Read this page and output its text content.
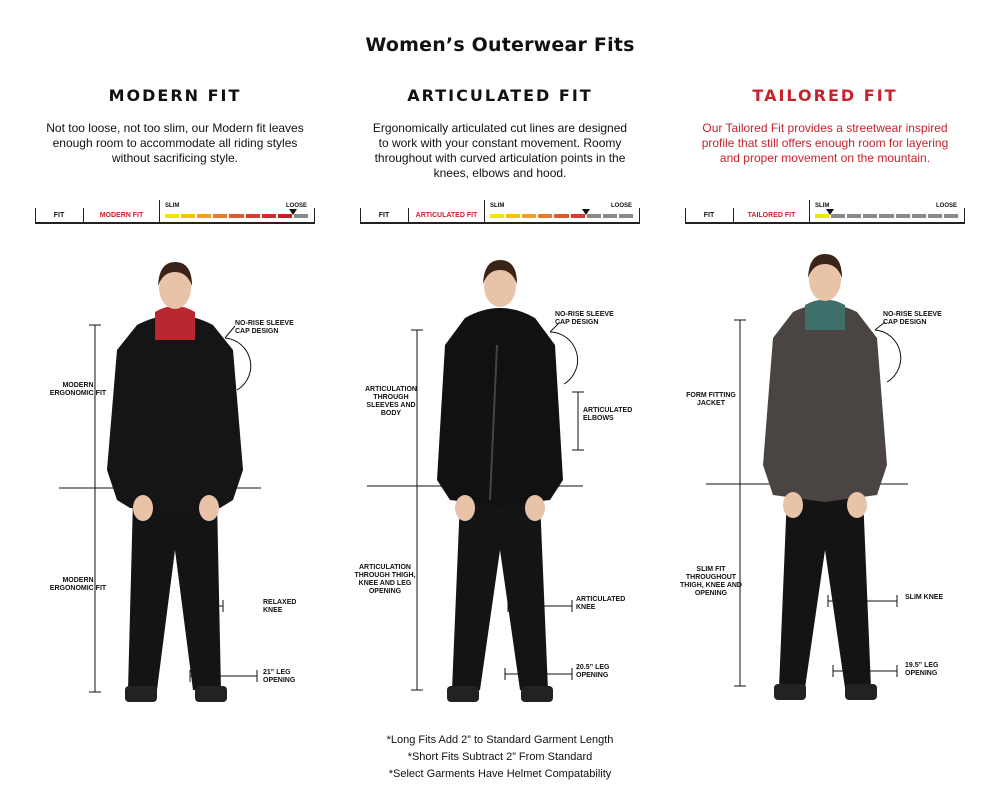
Women’s Outerwear Fits
MODERN FIT
Not too loose, not too slim, our Modern fit leaves enough room to accommodate all riding styles without sacrificing style.
FIT	MODERN FIT
SLIM	LOOSE
NO-RISE SLEEVE CAP DESIGN
MODERN ERGONOMIC FIT
MODERN ERGONOMIC FIT
RELAXED KNEE
21” LEG OPENING
ARTICULATED FIT
Ergonomically articulated cut lines are designed to work with your constant movement. Roomy throughout with curved articulation points in the knees, elbows and hood.
FIT	ARTICULATED FIT
SLIM	LOOSE
NO-RISE SLEEVE CAP DESIGN
ARTICULATION THROUGH SLEEVES AND BODY	ARTICULATED ELBOWS
ARTICULATION THROUGH THIGH, KNEE AND LEG OPENING
ARTICULATED KNEE
20.5” LEG OPENING
TAILORED FIT
Our Tailored Fit provides a streetwear inspired profile that still offers enough room for layering and proper movement on the mountain.
FIT	TAILORED FIT
SLIM	LOOSE
NO-RISE SLEEVE CAP DESIGN
FORM FITTING JACKET
SLIM FIT THROUGHOUT THIGH, KNEE AND OPENING
SLIM KNEE
19.5” LEG OPENING
*Long Fits Add 2” to Standard Garment Length
*Short Fits Subtract 2” From Standard
*Select Garments Have Helmet Compatability
